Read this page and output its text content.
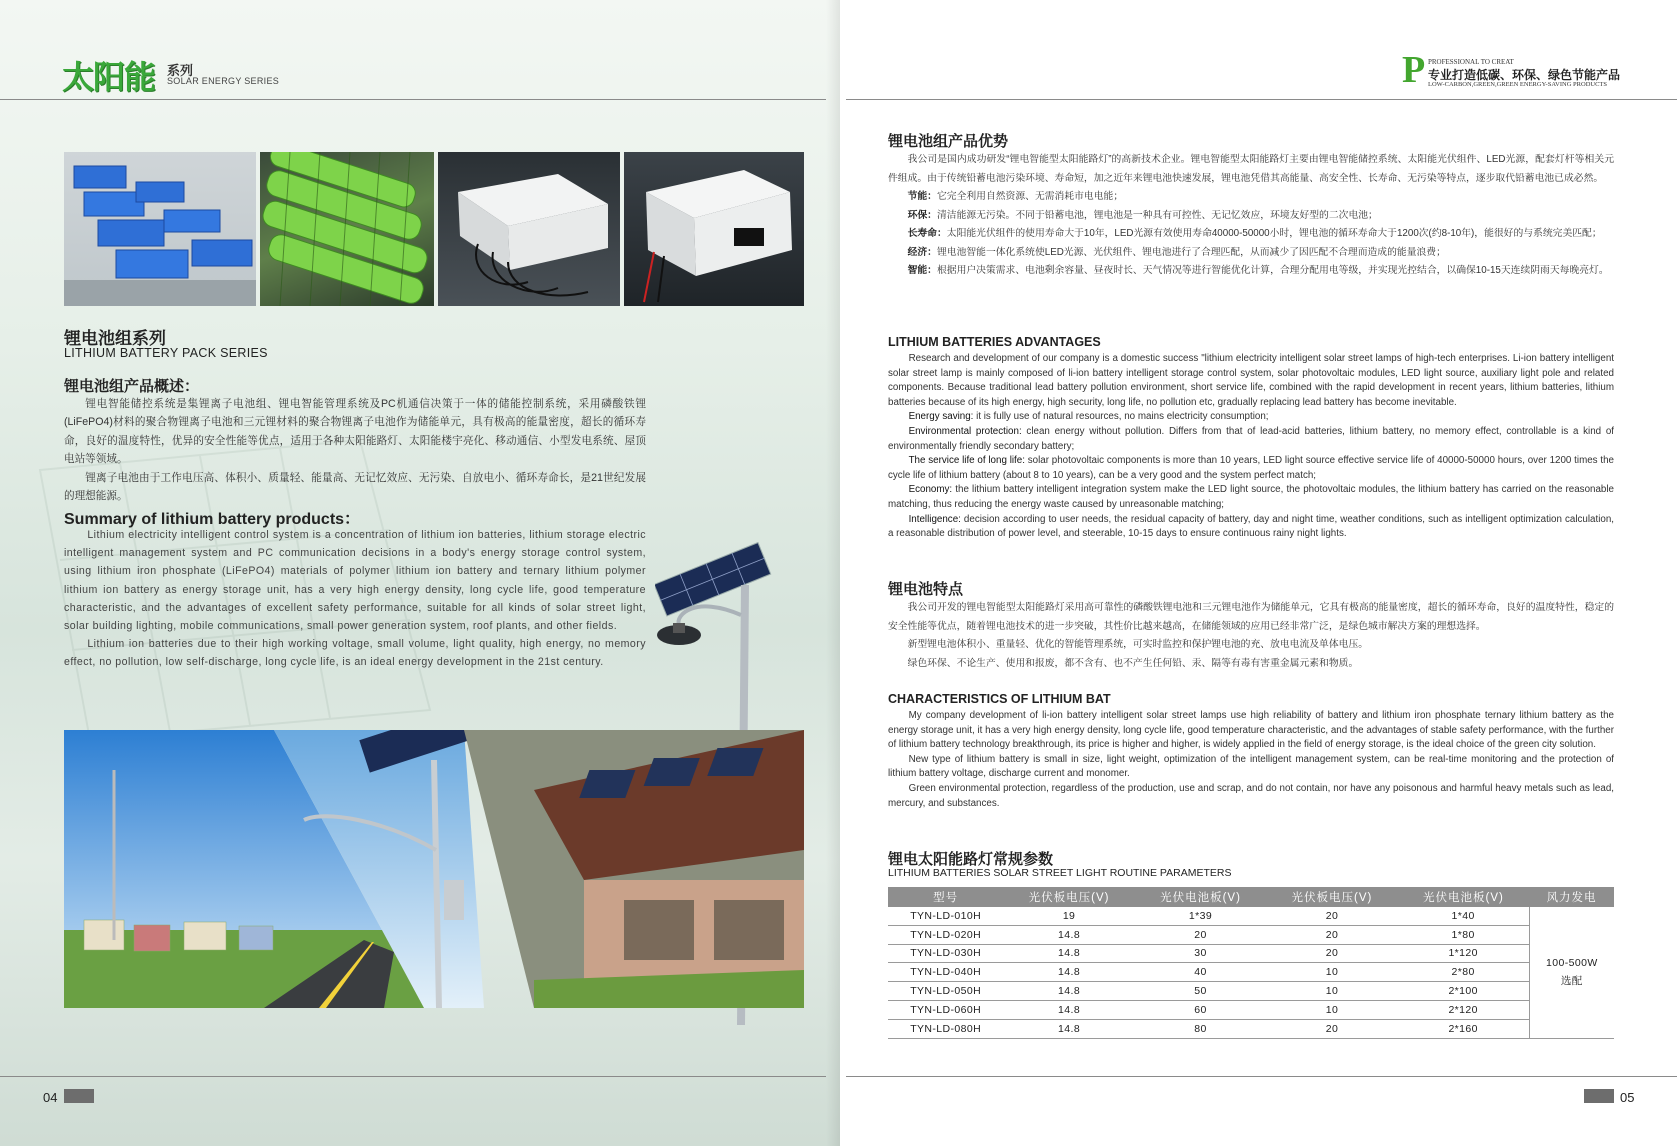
太阳能 系列
SOLAR ENERGY SERIES	P PROFESSIONAL TO CREAT
专业打造低碳、环保、绿色节能产品
LOW-CARBON,GREEN,GREEN ENERGY-SAVING PRODUCTS
锂电池组系列
LITHIUM BATTERY PACK SERIES
锂电池组产品概述：

锂电智能储控系统是集锂离子电池组、锂电智能管理系统及PC机通信决策于一体的储能控制系统，采用磷酸铁锂(LiFePO4)材料的聚合物锂离子电池和三元锂材料的聚合物锂离子电池作为储能单元，具有极高的能量密度，超长的循环寿命，良好的温度特性，优异的安全性能等优点，适用于各种太阳能路灯、太阳能楼宇亮化、移动通信、小型发电系统、屋顶电站等领域。

锂离子电池由于工作电压高、体积小、质量轻、能量高、无记忆效应、无污染、自放电小、循环寿命长，是21世纪发展的理想能源。

Summary of lithium battery products：

Lithium electricity intelligent control system is a concentration of lithium ion batteries, lithium storage electric intelligent management system and PC communication decisions in a body's energy storage control system, using lithium iron phosphate (LiFePO4) materials of polymer lithium ion battery and ternary lithium polymer lithium ion battery as energy storage unit, has a very high energy density, long cycle life, good temperature characteristic, and the advantages of excellent safety performance, suitable for all kinds of solar street light, solar building lighting, mobile communications, small power generation system, roof plants, and other fields.

Lithium ion batteries due to their high working voltage, small volume, light quality, high energy, no memory effect, no pollution, low self-discharge, long cycle life, is an ideal energy development in the 21st century.

04
锂电池组产品优势

我公司是国内成功研发“锂电智能型太阳能路灯”的高新技术企业。锂电智能型太阳能路灯主要由锂电智能储控系统、太阳能光伏组件、LED光源，配套灯杆等相关元件组成。由于传统铅蓄电池污染环境、寿命短，加之近年来锂电池快速发展，锂电池凭借其高能量、高安全性、长寿命、无污染等特点，逐步取代铅蓄电池已成必然。

节能：它完全利用自然资源、无需消耗市电电能；

环保：清洁能源无污染。不同于铅蓄电池，锂电池是一种具有可控性、无记忆效应，环境友好型的二次电池；

长寿命：太阳能光伏组件的使用寿命大于10年，LED光源有效使用寿命40000-50000小时，锂电池的循环寿命大于1200次(约8-10年)，能很好的与系统完美匹配；

经济：锂电池智能一体化系统使LED光源、光伏组件、锂电池进行了合理匹配，从而减少了因匹配不合理而造成的能量浪费；

智能：根据用户决策需求、电池剩余容量、昼夜时长、天气情况等进行智能优化计算，合理分配用电等级，并实现光控结合，以确保10-15天连续阴雨天每晚亮灯。

LITHIUM BATTERIES ADVANTAGES

Research and development of our company is a domestic success "lithium electricity intelligent solar street lamps of high-tech enterprises. Li-ion battery intelligent solar street lamp is mainly composed of li-ion battery intelligent storage control system, solar photovoltaic modules, LED light source, auxiliary light pole and related components. Because traditional lead battery pollution environment, short service life, combined with the rapid development in recent years, lithium batteries, lithium batteries because of its high energy, high security, long life, no pollution etc, gradually replacing lead battery has become inevitable.

Energy saving: it is fully use of natural resources, no mains electricity consumption;

Environmental protection: clean energy without pollution. Differs from that of lead-acid batteries, lithium battery, no memory effect, controllable is a kind of environmentally friendly secondary battery;

The service life of long life: solar photovoltaic components is more than 10 years, LED light source effective service life of 40000-50000 hours, over 1200 times the cycle life of lithium battery (about 8 to 10 years), can be a very good and the system perfect match;

Economy: the lithium battery intelligent integration system make the LED light source, the photovoltaic modules, the lithium battery has carried on the reasonable matching, thus reducing the energy waste caused by unreasonable matching;

Intelligence: decision according to user needs, the residual capacity of battery, day and night time, weather conditions, such as intelligent optimization calculation, a reasonable distribution of power level, and steerable, 10-15 days to ensure continuous rainy night lights.

锂电池特点

我公司开发的锂电智能型太阳能路灯采用高可靠性的磷酸铁锂电池和三元锂电池作为储能单元，它具有极高的能量密度，超长的循环寿命，良好的温度特性，稳定的安全性能等优点，随着锂电池技术的进一步突破，其性价比越来越高，在储能领域的应用已经非常广泛，是绿色城市解决方案的理想选择。

新型锂电池体积小、重量轻、优化的智能管理系统，可实时监控和保护锂电池的充、放电电流及单体电压。

绿色环保、不论生产、使用和报废，都不含有、也不产生任何铅、汞、隔等有毒有害重金属元素和物质。

CHARACTERISTICS OF LITHIUM BAT

My company development of li-ion battery intelligent solar street lamps use high reliability of battery and lithium iron phosphate ternary lithium battery as the energy storage unit, it has a very high energy density, long cycle life, good temperature characteristic, and the advantages of stable safety performance, with the further of lithium battery technology breakthrough, its price is higher and higher, is widely applied in the field of energy storage, is the ideal choice of the green city solution.

New type of lithium battery is small in size, light weight, optimization of the intelligent management system, can be real-time monitoring and the protection of lithium battery voltage, discharge current and monomer.

Green environmental protection, regardless of the production, use and scrap, and do not contain, nor have any poisonous and harmful heavy metals such as lead, mercury, and substances.

锂电太阳能路灯常规参数
LITHIUM BATTERIES SOLAR STREET LIGHT ROUTINE PARAMETERS
型号	光伏板电压(V)	光伏电池板(V)	光伏板电压(V)	光伏电池板(V)	风力发电
TYN-LD-010H	19	1*39	20	1*40	100-500W
选配

TYN-LD-020H	14.8	20	20	1*80	
TYN-LD-030H	14.8	30	20	1*120	
TYN-LD-040H	14.8	40	10	2*80	
TYN-LD-050H	14.8	50	10	2*100	
TYN-LD-060H	14.8	60	10	2*120	
TYN-LD-080H	14.8	80	20	2*160	
05
